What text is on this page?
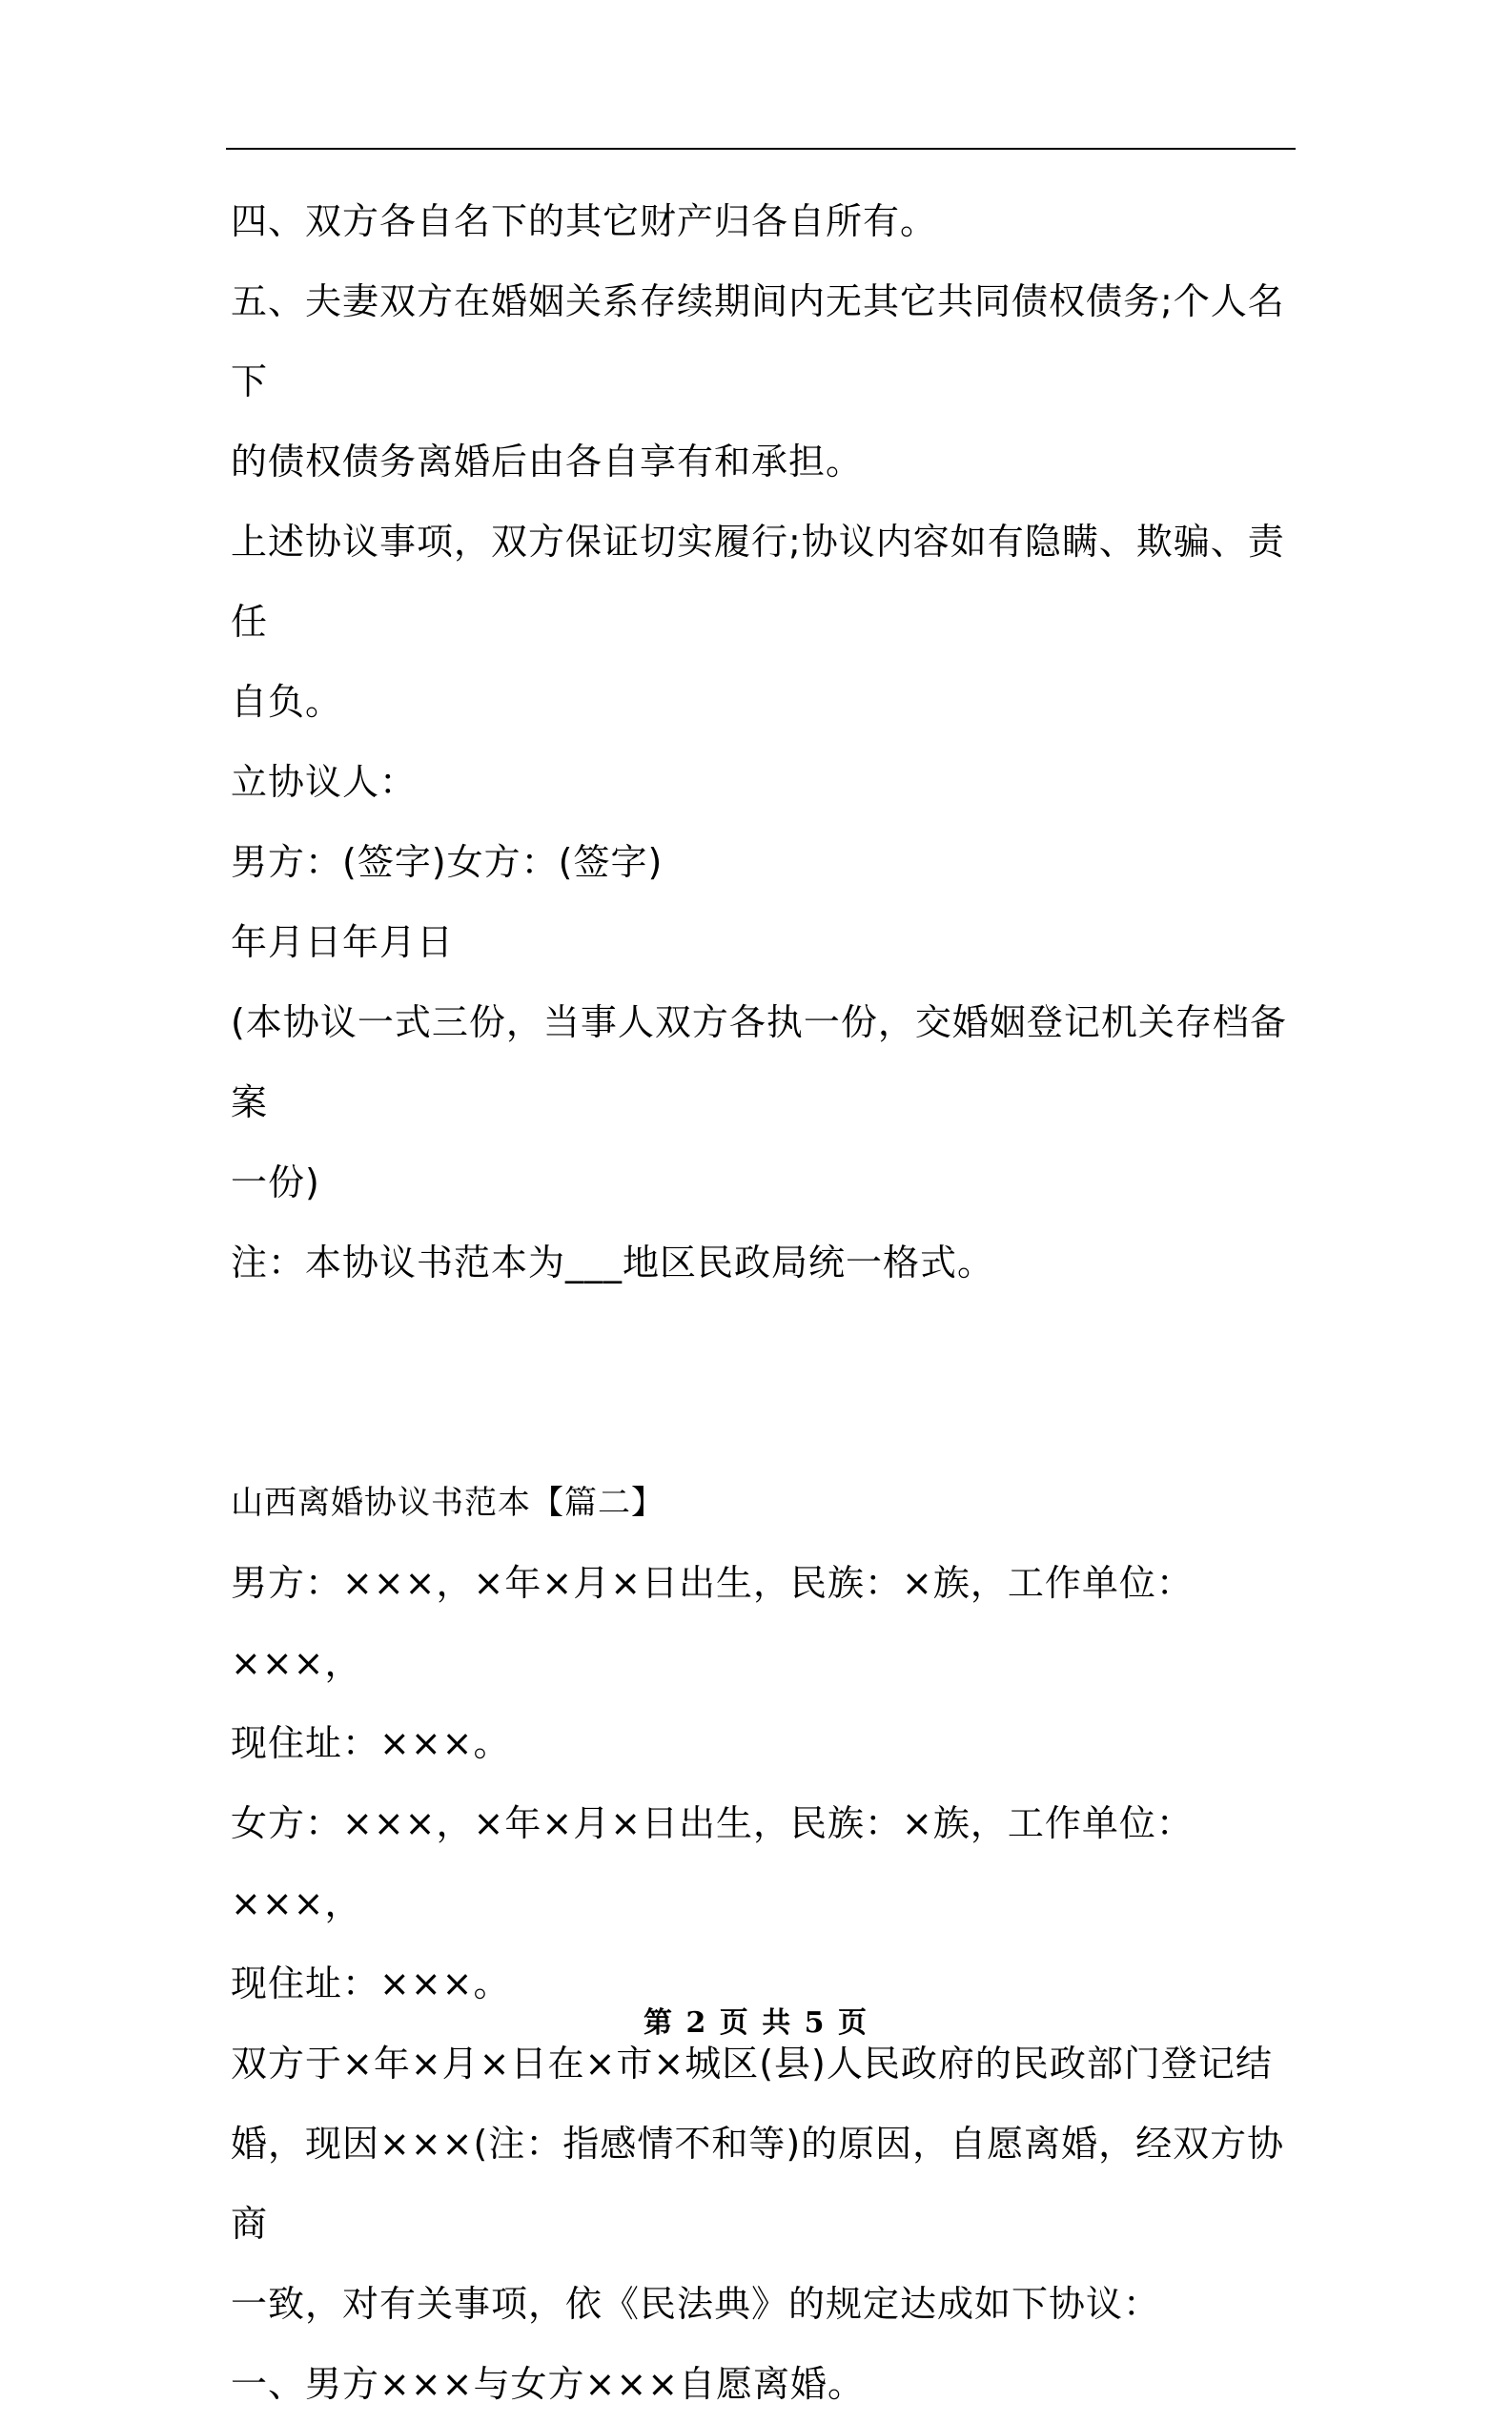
四、双方各自名下的其它财产归各自所有。

五、夫妻双方在婚姻关系存续期间内无其它共同债权债务;个人名下

的债权债务离婚后由各自享有和承担。

上述协议事项，双方保证切实履行;协议内容如有隐瞒、欺骗、责任

自负。

立协议人：

男方：(签字)女方：(签字)

年月日年月日

(本协议一式三份，当事人双方各执一份，交婚姻登记机关存档备案

一份)

注：本协议书范本为___地区民政局统一格式。

山西离婚协议书范本【篇二】

男方：×××，×年×月×日出生，民族：×族，工作单位：×××，

现住址：×××。

女方：×××，×年×月×日出生，民族：×族，工作单位：×××，

现住址：×××。

双方于×年×月×日在×市×城区(县)人民政府的民政部门登记结

婚，现因×××(注：指感情不和等)的原因，自愿离婚，经双方协商

一致，对有关事项，依《民法典》的规定达成如下协议：

一、男方×××与女方×××自愿离婚。

第 2 页 共 5 页
